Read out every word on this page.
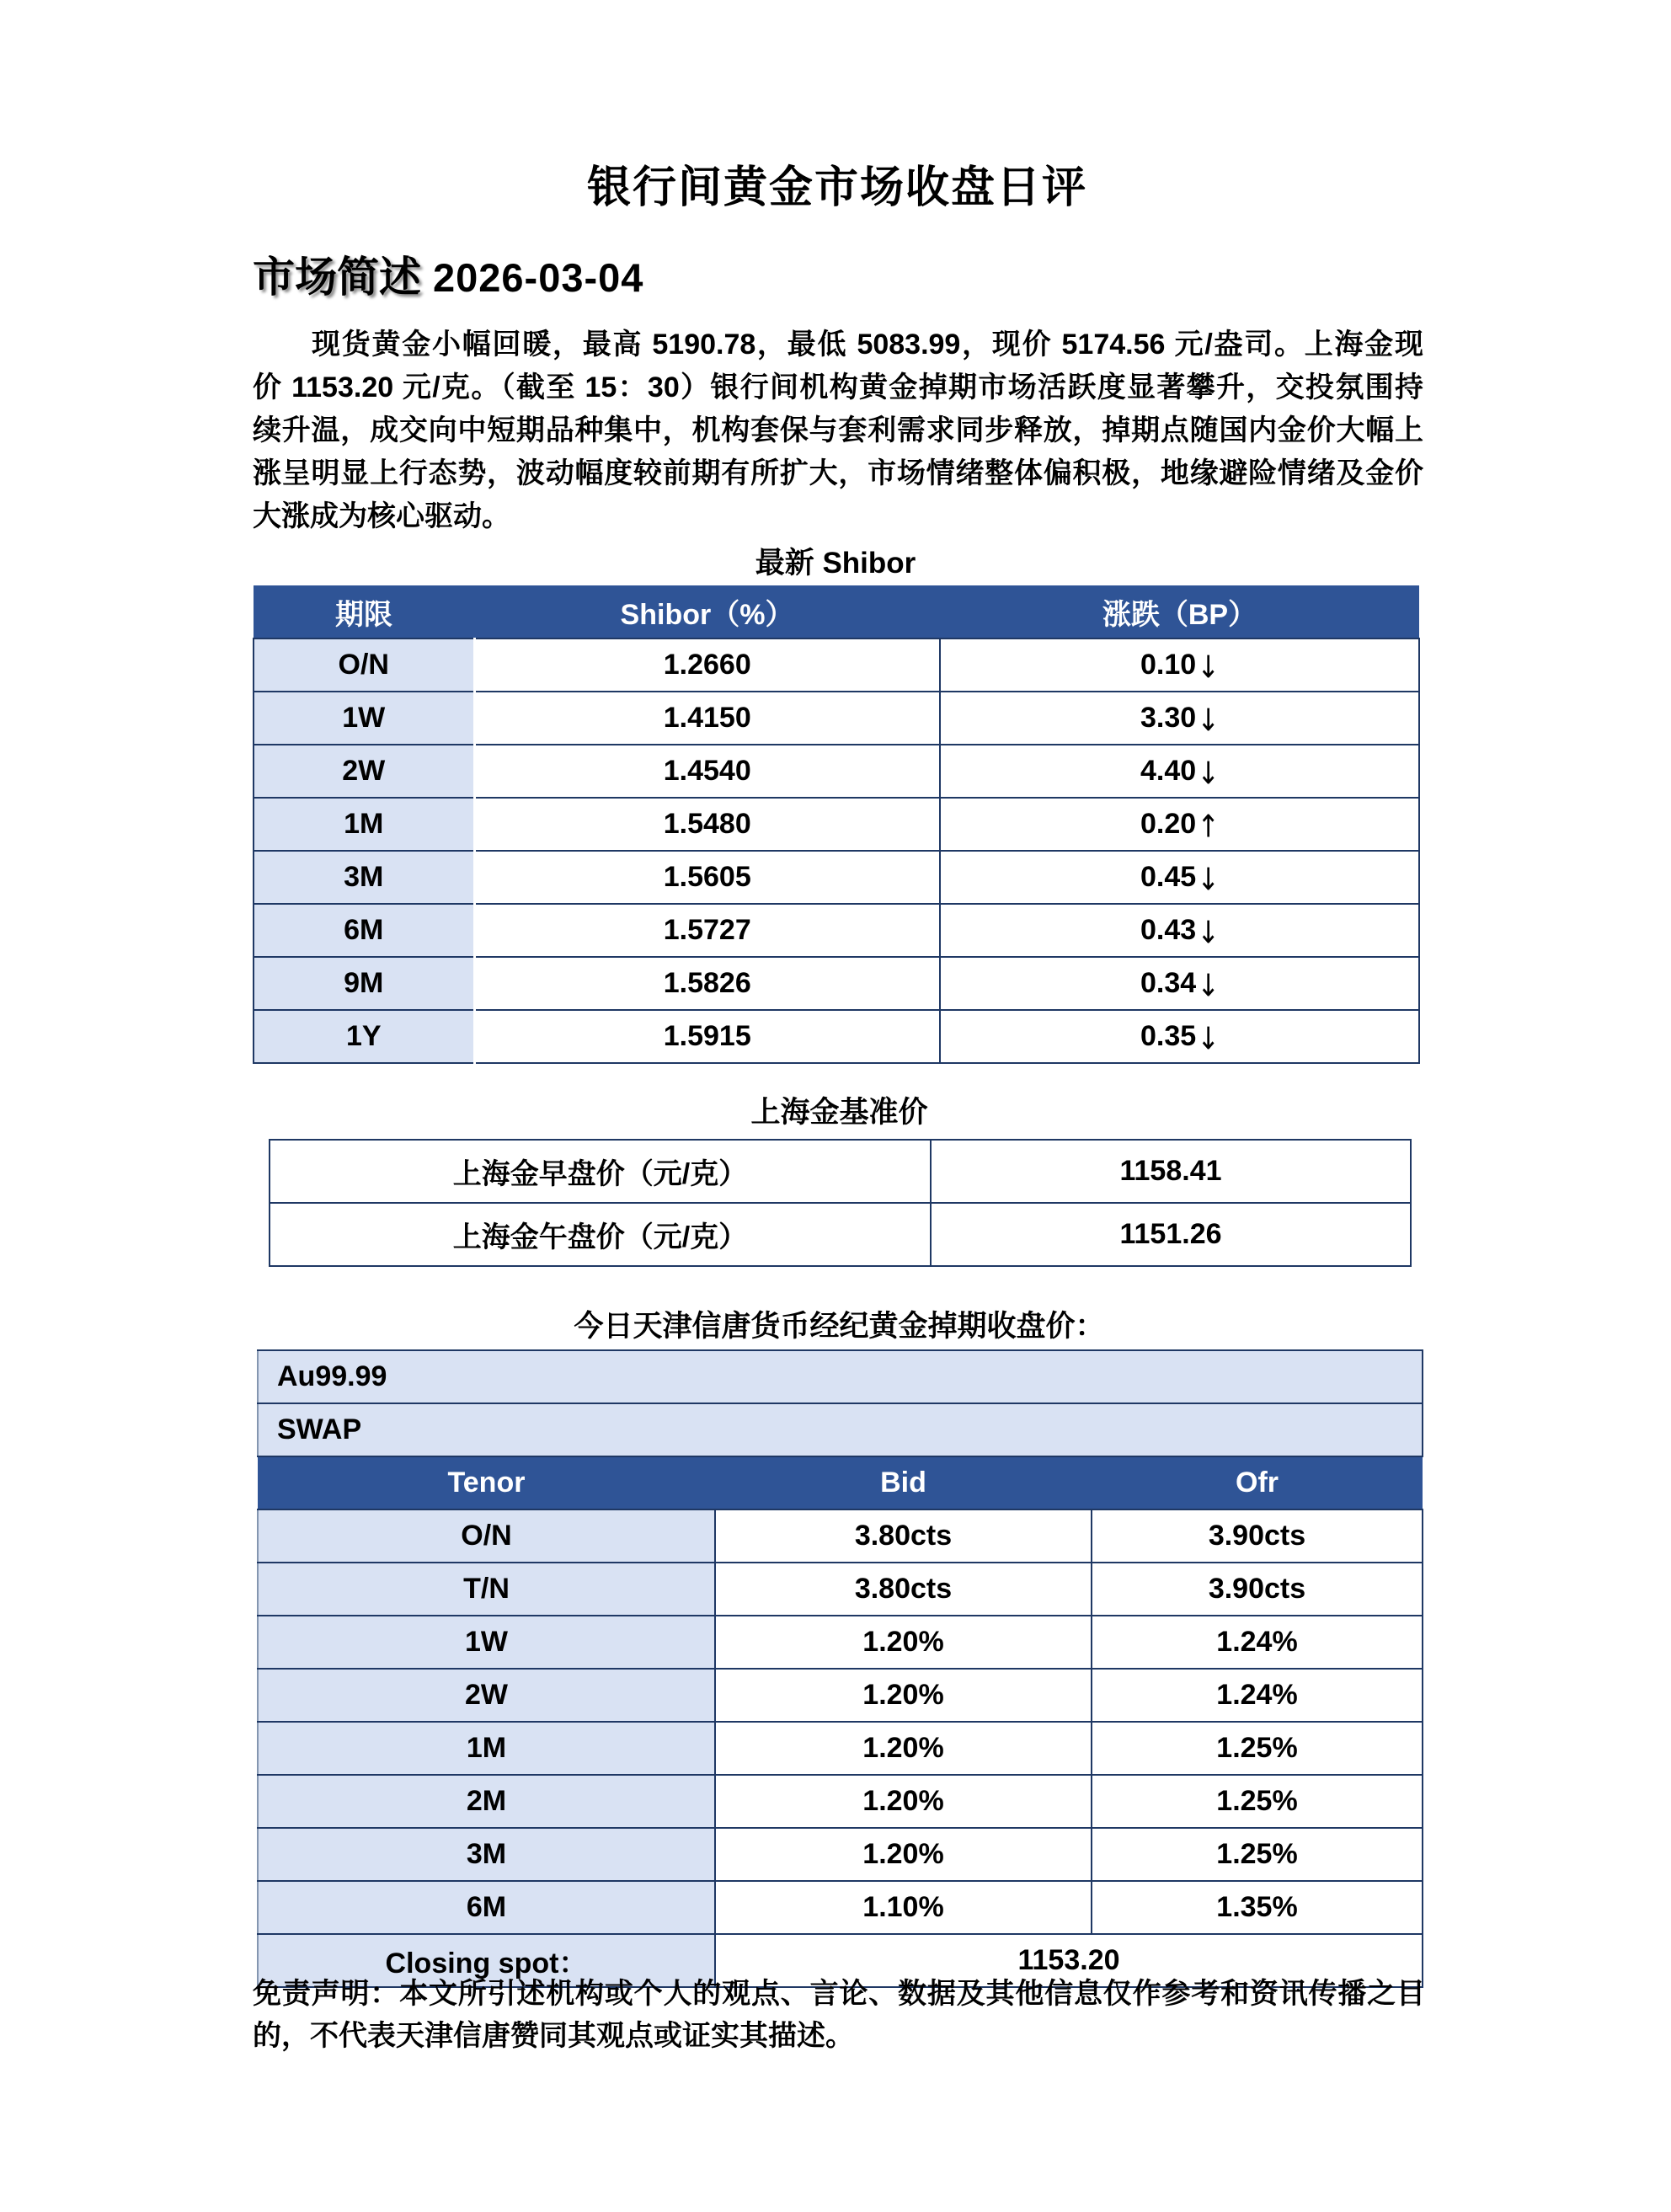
银行间黄金市场收盘日评
市场简述 2026-03-04
现货黄金小幅回暖，最高 5190.78，最低 5083.99，现价 5174.56 元/盎司。上海金现
价 1153.20 元/克。（截至 15：30）银行间机构黄金掉期市场活跃度显著攀升，交投氛围持
续升温，成交向中短期品种集中，机构套保与套利需求同步释放，掉期点随国内金价大幅上
涨呈明显上行态势，波动幅度较前期有所扩大，市场情绪整体偏积极，地缘避险情绪及金价
大涨成为核心驱动。
最新 Shibor
期限	Shibor（%）	涨跌（BP）
O/N	1.2660	0.10↓
1W	1.4150	3.30↓
2W	1.4540	4.40↓
1M	1.5480	0.20↑
3M	1.5605	0.45↓
6M	1.5727	0.43↓
9M	1.5826	0.34↓
1Y	1.5915	0.35↓
上海金基准价
上海金早盘价（元/克）	1158.41
上海金午盘价（元/克）	1151.26
今日天津信唐货币经纪黄金掉期收盘价：
Au99.99		
SWAP		
Tenor	Bid	Ofr
O/N	3.80cts	3.90cts
T/N	3.80cts	3.90cts
1W	1.20%	1.24%
2W	1.20%	1.24%
1M	1.20%	1.25%
2M	1.20%	1.25%
3M	1.20%	1.25%
6M	1.10%	1.35%
Closing spot：	1153.20	
免责声明：本文所引述机构或个人的观点、言论、数据及其他信息仅作参考和资讯传播之目
的，不代表天津信唐赞同其观点或证实其描述。
